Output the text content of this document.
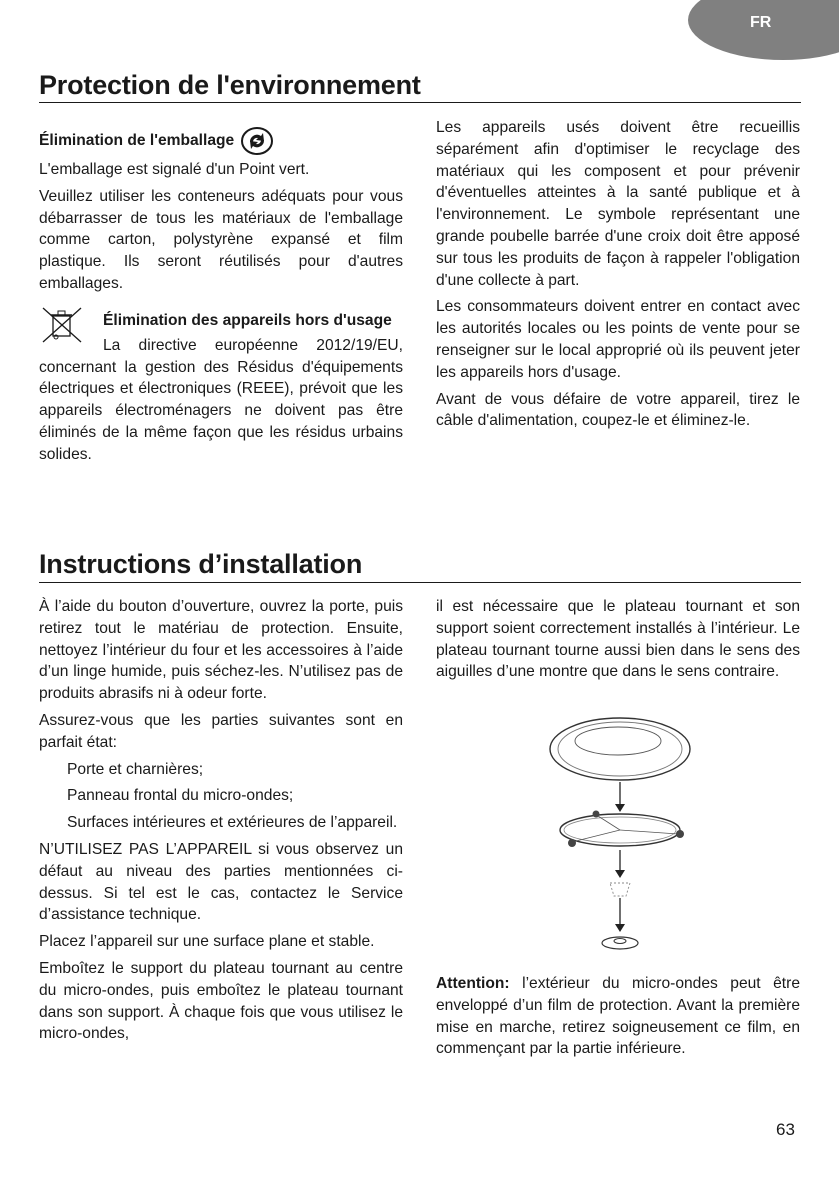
FR
Protection de l'environnement
Élimination de l'emballage

L'emballage est signalé d'un Point vert.

Veuillez utiliser les conteneurs adéquats pour vous débarrasser de tous les matériaux de l'emballage comme carton, polystyrène expansé et film plastique. Ils seront réutilisés pour d'autres emballages.

Élimination des appareils hors d'usage

La directive européenne 2012/19/EU, concernant la gestion des Résidus d'équipements électriques et électroniques (REEE), prévoit que les appareils électroménagers ne doivent pas être éliminés de la même façon que les résidus urbains solides.

Les appareils usés doivent être recueillis séparément afin d'optimiser le recyclage des matériaux qui les composent et pour prévenir d'éventuelles atteintes à la santé publique et à l'environnement. Le symbole représentant une grande poubelle barrée d'une croix doit être apposé sur tous les produits de façon à rappeler l'obligation d'une collecte à part.

Les consommateurs doivent entrer en contact avec les autorités locales ou les points de vente pour se renseigner sur le local approprié où ils peuvent jeter les appareils hors d'usage.

Avant de vous défaire de votre appareil, tirez le câble d'alimentation, coupez-le et éliminez-le.

Instructions d’installation

À l’aide du bouton d’ouverture, ouvrez la porte, puis retirez tout le matériau de protection. Ensuite, nettoyez l’intérieur du four et les accessoires à l’aide d’un linge humide, puis séchez-les. N’utilisez pas de produits abrasifs ni à odeur forte.

Assurez-vous que les parties suivantes sont en parfait état:

Porte et charnières;

Panneau frontal du micro-ondes;

Surfaces intérieures et extérieures de l’appareil.

N’UTILISEZ PAS L’APPAREIL si vous observez un défaut au niveau des parties mentionnées ci-dessus. Si tel est le cas, contactez le Service d’assistance technique.

Placez l’appareil sur une surface plane et stable.

Emboîtez le support du plateau tournant au centre du micro-ondes, puis emboîtez le plateau tournant dans son support. À chaque fois que vous utilisez le micro-ondes,

il est nécessaire que le plateau tournant et son support soient correctement installés à l’intérieur. Le plateau tournant tourne aussi bien dans le sens des aiguilles d’une montre que dans le sens contraire.

Attention: l’extérieur du micro-ondes peut être enveloppé d’un film de protection. Avant la première mise en marche, retirez soigneusement ce film, en commençant par la partie inférieure.

63
